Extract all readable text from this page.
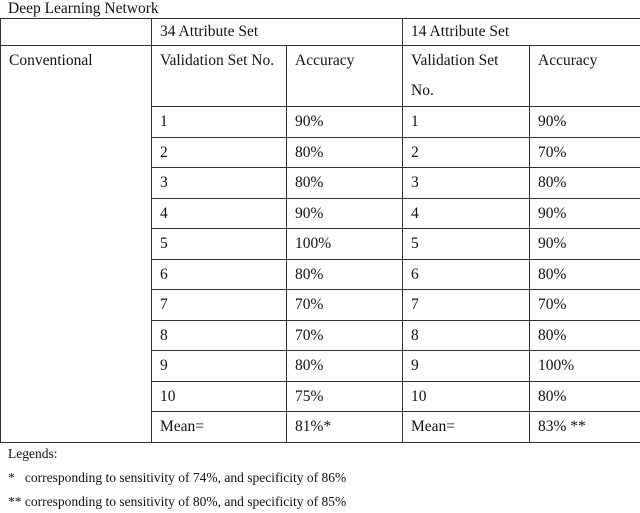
Deep Learning Network
	34 Attribute Set		14 Attribute Set	
Conventional	Validation Set No.	Accuracy	Validation Set No.	Accuracy
	1	90%	1	90%
	2	80%	2	70%
	3	80%	3	80%
	4	90%	4	90%
	5	100%	5	90%
	6	80%	6	80%
	7	70%	7	70%
	8	70%	8	80%
	9	80%	9	100%
	10	75%	10	80%
	Mean=	81%*	Mean=	83% **
Legends:
*   corresponding to sensitivity of 74%, and specificity of 86%
** corresponding to sensitivity of 80%, and specificity of 85%
